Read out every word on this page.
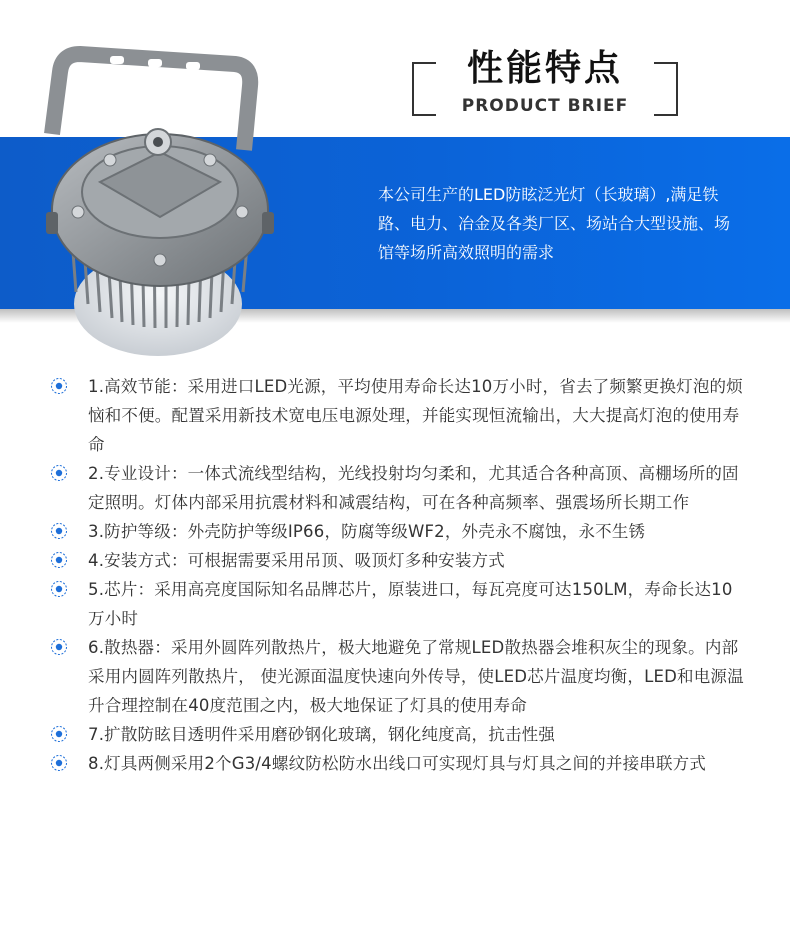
性能特点
PRODUCT BRIEF
本公司生产的LED防眩泛光灯（长玻璃）,满足铁路、电力、冶金及各类厂区、场站合大型设施、场馆等场所高效照明的需求
1.高效节能：采用进口LED光源，平均使用寿命长达10万小时，省去了频繁更换灯泡的烦恼和不便。配置采用新技术宽电压电源处理，并能实现恒流输出，大大提高灯泡的使用寿命
2.专业设计：一体式流线型结构，光线投射均匀柔和，尤其适合各种高顶、高棚场所的固定照明。灯体内部采用抗震材料和减震结构，可在各种高频率、强震场所长期工作
3.防护等级：外壳防护等级IP66，防腐等级WF2，外壳永不腐蚀，永不生锈
4.安装方式：可根据需要采用吊顶、吸顶灯多种安装方式
5.芯片：采用高亮度国际知名品牌芯片，原装进口，每瓦亮度可达150LM，寿命长达10万小时
6.散热器：采用外圆阵列散热片，极大地避免了常规LED散热器会堆积灰尘的现象。内部采用内圆阵列散热片， 使光源面温度快速向外传导，使LED芯片温度均衡，LED和电源温升合理控制在40度范围之内，极大地保证了灯具的使用寿命
7.扩散防眩目透明件采用磨砂钢化玻璃，钢化纯度高，抗击性强
8.灯具两侧采用2个G3/4螺纹防松防水出线口可实现灯具与灯具之间的并接串联方式
